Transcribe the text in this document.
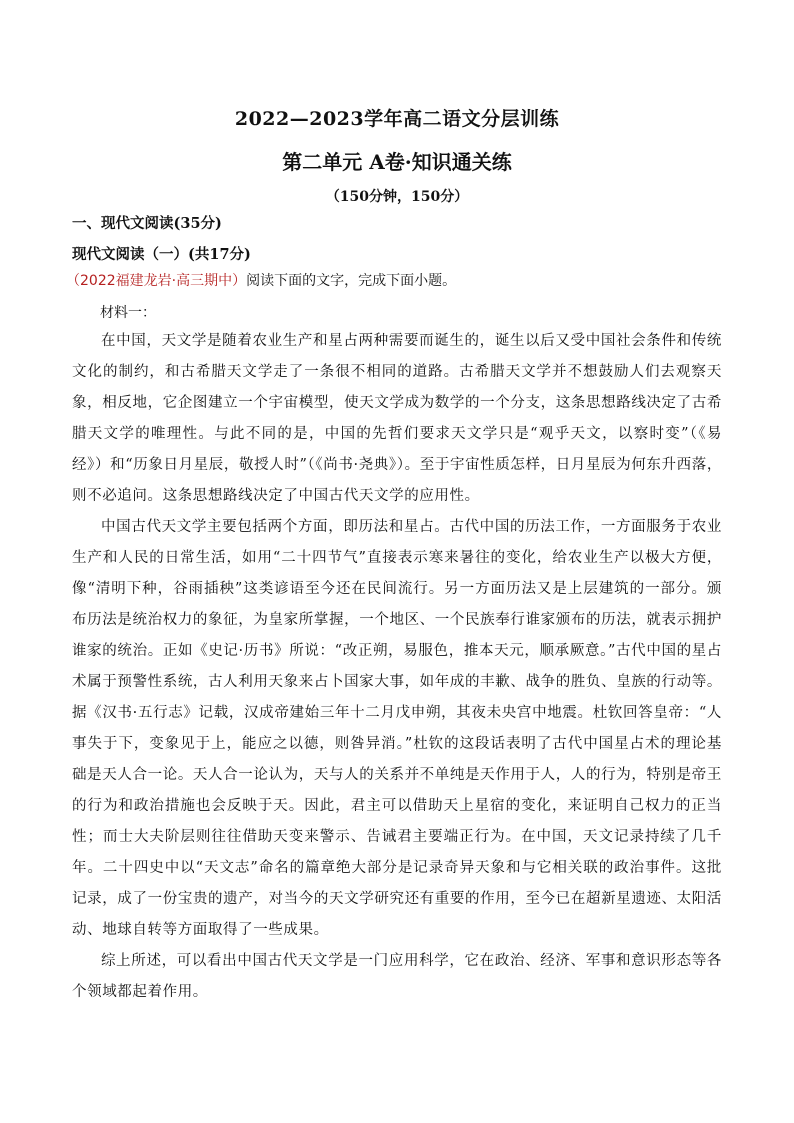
2022—2023学年高二语文分层训练
第二单元 A卷·知识通关练
（150分钟，150分）
一、现代文阅读(35分)
现代文阅读（一）(共17分)
（2022福建龙岩·高三期中）阅读下面的文字，完成下面小题。
材料一：

在中国，天文学是随着农业生产和星占两种需要而诞生的，诞生以后又受中国社会条件和传统文化的制约，和古希腊天文学走了一条很不相同的道路。古希腊天文学并不想鼓励人们去观察天象，相反地，它企图建立一个宇宙模型，使天文学成为数学的一个分支，这条思想路线决定了古希腊天文学的唯理性。与此不同的是，中国的先哲们要求天文学只是“观乎天文，以察时变”（《易经》）和“历象日月星辰，敬授人时”（《尚书·尧典》）。至于宇宙性质怎样，日月星辰为何东升西落，则不必追问。这条思想路线决定了中国古代天文学的应用性。

中国古代天文学主要包括两个方面，即历法和星占。古代中国的历法工作，一方面服务于农业生产和人民的日常生活，如用“二十四节气”直接表示寒来暑往的变化，给农业生产以极大方便，像“清明下种，谷雨插秧”这类谚语至今还在民间流行。另一方面历法又是上层建筑的一部分。颁布历法是统治权力的象征，为皇家所掌握，一个地区、一个民族奉行谁家颁布的历法，就表示拥护谁家的统治。正如《史记·历书》所说：“改正朔，易服色，推本天元，顺承厥意。”古代中国的星占术属于预警性系统，古人利用天象来占卜国家大事，如年成的丰歉、战争的胜负、皇族的行动等。据《汉书·五行志》记载，汉成帝建始三年十二月戊申朔，其夜未央宫中地震。杜钦回答皇帝：“人事失于下，变象见于上，能应之以德，则咎异消。”杜钦的这段话表明了古代中国星占术的理论基础是天人合一论。天人合一论认为，天与人的关系并不单纯是天作用于人，人的行为，特别是帝王的行为和政治措施也会反映于天。因此，君主可以借助天上星宿的变化，来证明自己权力的正当性；而士大夫阶层则往往借助天变来警示、告诫君主要端正行为。在中国，天文记录持续了几千年。二十四史中以“天文志”命名的篇章绝大部分是记录奇异天象和与它相关联的政治事件。这批记录，成了一份宝贵的遗产，对当今的天文学研究还有重要的作用，至今已在超新星遗迹、太阳活动、地球自转等方面取得了一些成果。

综上所述，可以看出中国古代天文学是一门应用科学，它在政治、经济、军事和意识形态等各个领域都起着作用。
